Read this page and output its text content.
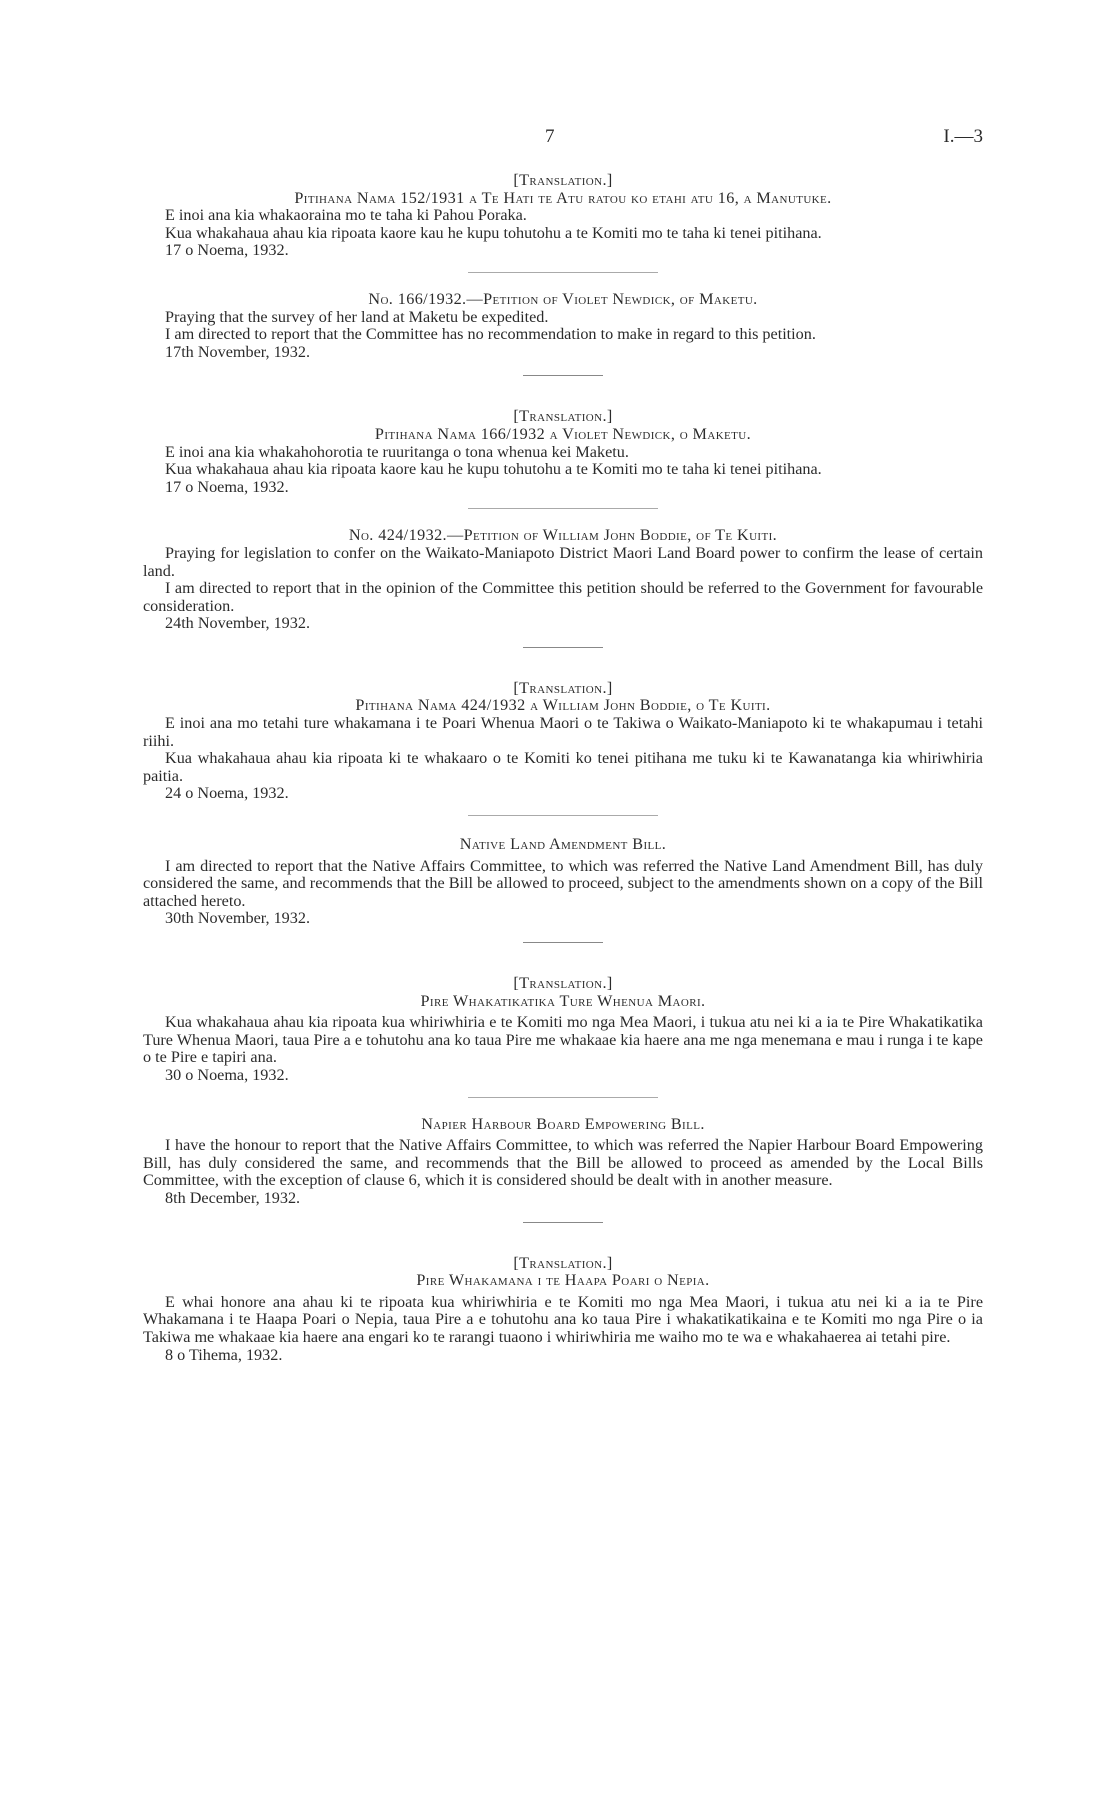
7	I.—3

[Translation.]

Pitihana Nama 152/1931 a Te Hati te Atu ratou ko etahi atu 16, a Manutuke.

E inoi ana kia whakaoraina mo te taha ki Pahou Poraka.

Kua whakahaua ahau kia ripoata kaore kau he kupu tohutohu a te Komiti mo te taha ki tenei pitihana.

17 o Noema, 1932.

No. 166/1932.—Petition of Violet Newdick, of Maketu.

Praying that the survey of her land at Maketu be expedited.

I am directed to report that the Committee has no recommendation to make in regard to this petition.

17th November, 1932.

[Translation.]

Pitihana Nama 166/1932 a Violet Newdick, o Maketu.

E inoi ana kia whakahohorotia te ruuritanga o tona whenua kei Maketu.

Kua whakahaua ahau kia ripoata kaore kau he kupu tohutohu a te Komiti mo te taha ki tenei pitihana.

17 o Noema, 1932.

No. 424/1932.—Petition of William John Boddie, of Te Kuiti.

Praying for legislation to confer on the Waikato-Maniapoto District Maori Land Board power to confirm the lease of certain land.

I am directed to report that in the opinion of the Committee this petition should be referred to the Government for favourable consideration.

24th November, 1932.

[Translation.]

Pitihana Nama 424/1932 a William John Boddie, o Te Kuiti.

E inoi ana mo tetahi ture whakamana i te Poari Whenua Maori o te Takiwa o Waikato-Maniapoto ki te whakapumau i tetahi riihi.

Kua whakahaua ahau kia ripoata ki te whakaaro o te Komiti ko tenei pitihana me tuku ki te Kawanatanga kia whiriwhiria paitia.

24 o Noema, 1932.

Native Land Amendment Bill.

I am directed to report that the Native Affairs Committee, to which was referred the Native Land Amendment Bill, has duly considered the same, and recommends that the Bill be allowed to proceed, subject to the amendments shown on a copy of the Bill attached hereto.

30th November, 1932.

[Translation.]

Pire Whakatikatika Ture Whenua Maori.

Kua whakahaua ahau kia ripoata kua whiriwhiria e te Komiti mo nga Mea Maori, i tukua atu nei ki a ia te Pire Whakatikatika Ture Whenua Maori, taua Pire a e tohutohu ana ko taua Pire me whakaae kia haere ana me nga menemana e mau i runga i te kape o te Pire e tapiri ana.

30 o Noema, 1932.

Napier Harbour Board Empowering Bill.

I have the honour to report that the Native Affairs Committee, to which was referred the Napier Harbour Board Empowering Bill, has duly considered the same, and recommends that the Bill be allowed to proceed as amended by the Local Bills Committee, with the exception of clause 6, which it is considered should be dealt with in another measure.

8th December, 1932.

[Translation.]

Pire Whakamana i te Haapa Poari o Nepia.

E whai honore ana ahau ki te ripoata kua whiriwhiria e te Komiti mo nga Mea Maori, i tukua atu nei ki a ia te Pire Whakamana i te Haapa Poari o Nepia, taua Pire a e tohutohu ana ko taua Pire i whakatikatikaina e te Komiti mo nga Pire o ia Takiwa me whakaae kia haere ana engari ko te rarangi tuaono i whiriwhiria me waiho mo te wa e whakahaerea ai tetahi pire.

8 o Tihema, 1932.
